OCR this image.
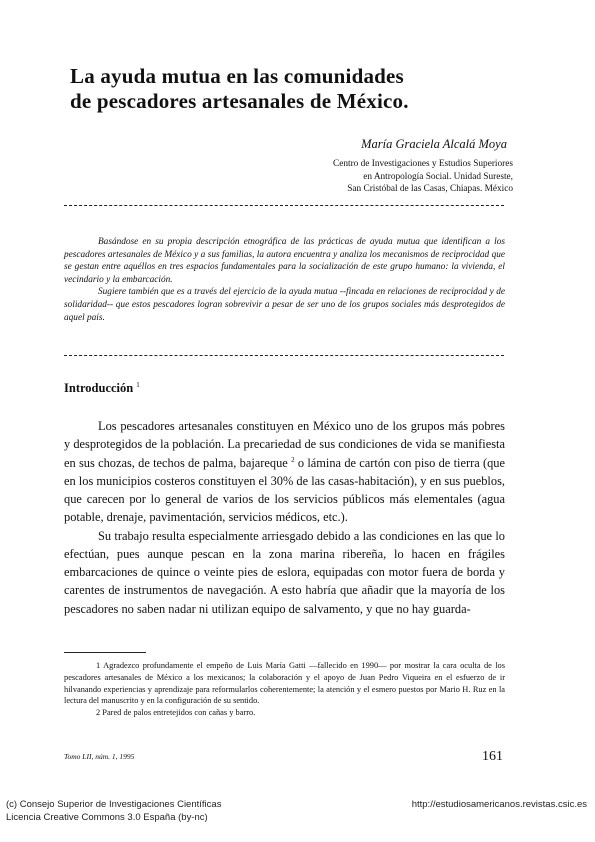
La ayuda mutua en las comunidades
de pescadores artesanales de México.
María Graciela Alcalá Moya
Centro de Investigaciones y Estudios Superiores
en Antropología Social. Unidad Sureste,
San Cristóbal de las Casas, Chiapas. México

Basándose en su propia descripción etnográfica de las prácticas de ayuda mutua que identifican a los pescadores artesanales de México y a sus familias, la autora encuentra y analiza los mecanismos de reciprocidad que se gestan entre aquéllos en tres espacios fundamentales para la socialización de este grupo humano: la vivienda, el vecindario y la embarcación.

Sugiere también que es a través del ejercicio de la ayuda mutua --fincada en relaciones de reciprocidad y de solidaridad-- que estos pescadores logran sobrevivir a pesar de ser uno de los grupos sociales más desprotegidos de aquel país.

Introducción $^1$

Los pescadores artesanales constituyen en México uno de los grupos más pobres y desprotegidos de la población. La precariedad de sus condiciones de vida se manifiesta en sus chozas, de techos de palma, bajareque $^2$ o lámina de cartón con piso de tierra (que en los municipios costeros constituyen el 30% de las casas-habitación), y en sus pueblos, que carecen por lo general de varios de los servicios públicos más elementales (agua potable, drenaje, pavimentación, servicios médicos, etc.).

Su trabajo resulta especialmente arriesgado debido a las condiciones en las que lo efectúan, pues aunque pescan en la zona marina ribereña, lo hacen en frágiles embarcaciones de quince o veinte pies de eslora, equipadas con motor fuera de borda y carentes de instrumentos de navegación. A esto habría que añadir que la mayoría de los pescadores no saben nadar ni utilizan equipo de salvamento, y que no hay guarda-

1 Agradezco profundamente el empeño de Luis María Gatti —fallecido en 1990— por mostrar la cara oculta de los pescadores artesanales de México a los mexicanos; la colaboración y el apoyo de Juan Pedro Viqueira en el esfuerzo de ir hilvanando experiencias y aprendizaje para reformularlos coherentemente; la atención y el esmero puestos por Mario H. Ruz en la lectura del manuscrito y en la configuración de su sentido.

2 Pared de palos entretejidos con cañas y barro.

Tomo LII, núm. 1, 1995	161
(c) Consejo Superior de Investigaciones Científicas
Licencia Creative Commons 3.0 España (by-nc)
http://estudiosamericanos.revistas.csic.es
